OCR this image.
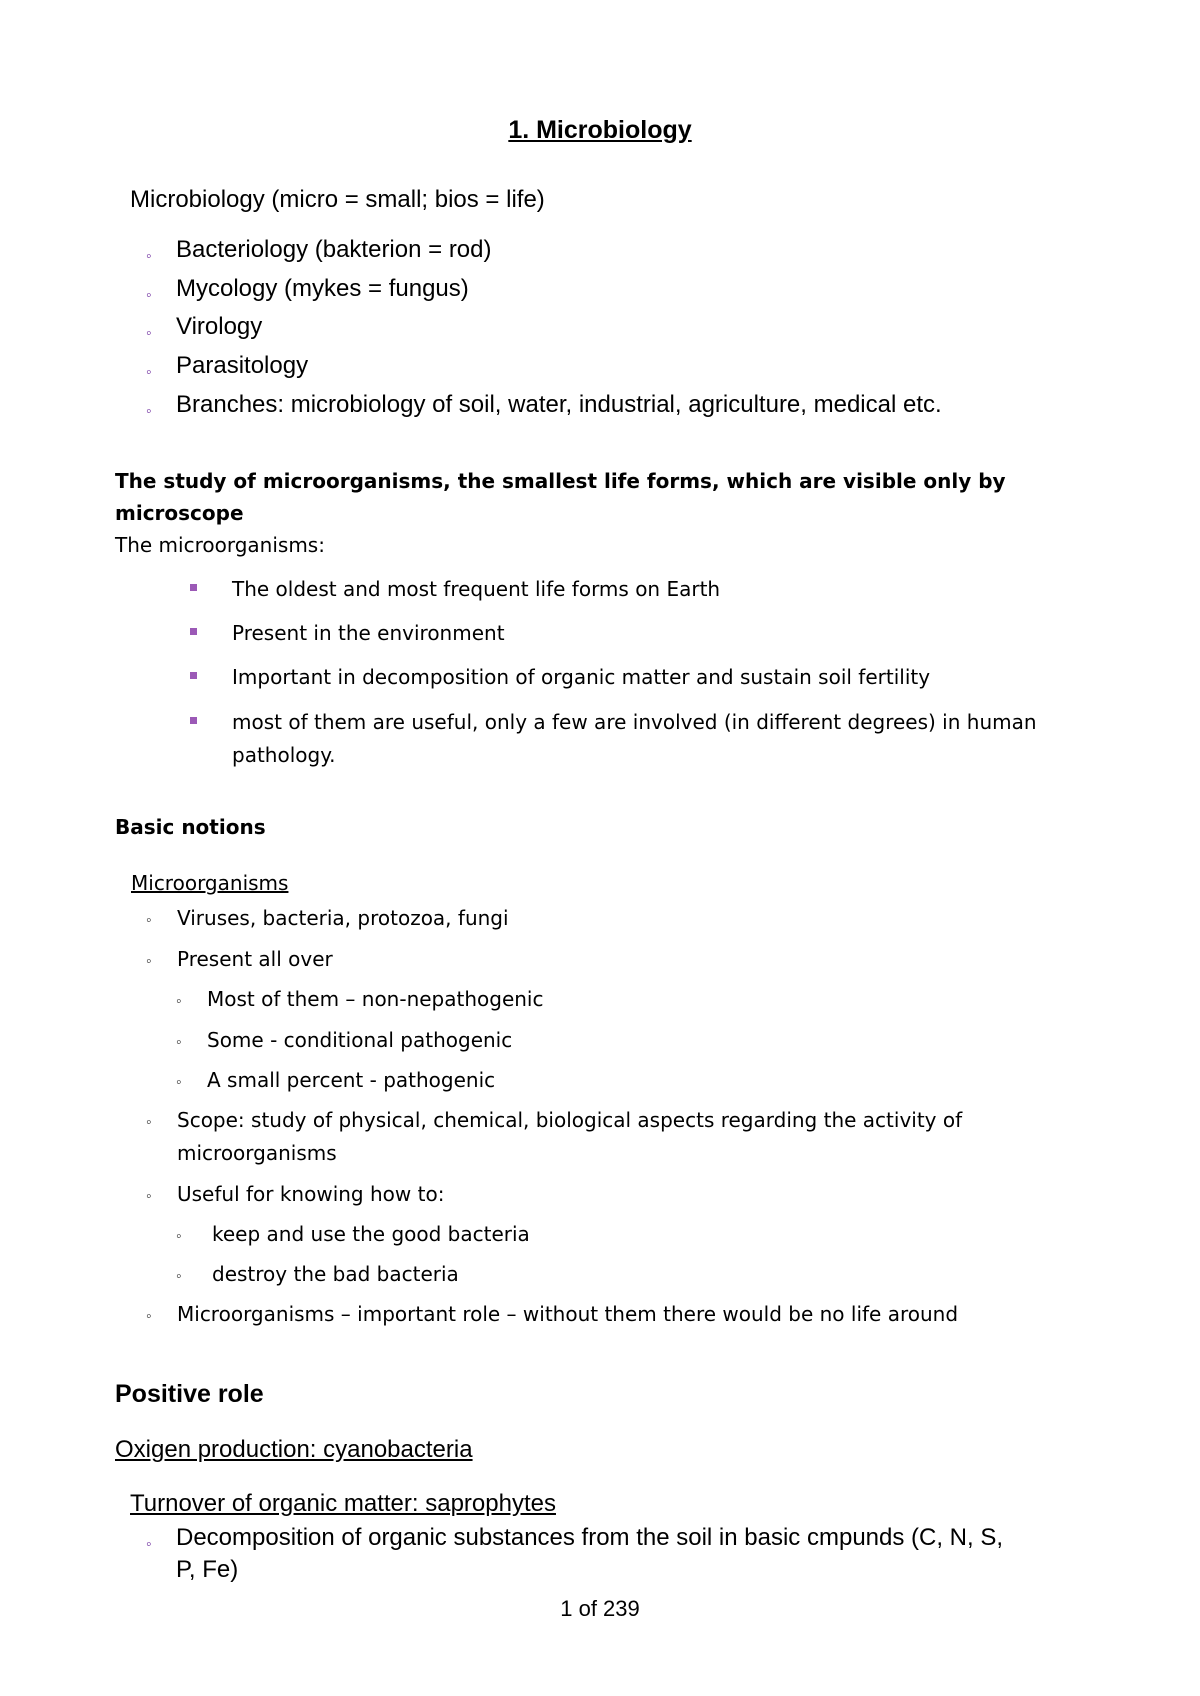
1. Microbiology
Microbiology (micro = small; bios = life)
◦ Bacteriology (bakterion = rod)
◦ Mycology (mykes = fungus)
◦ Virology
◦ Parasitology
◦ Branches: microbiology of soil, water, industrial, agriculture, medical etc.
The study of microorganisms, the smallest life forms, which are visible only by
microscope
The microorganisms:
The oldest and most frequent life forms on Earth
Present in the environment
Important in decomposition of organic matter and sustain soil fertility
most of them are useful, only a few are involved (in different degrees) in human
pathology.
Basic notions
Microorganisms
◦ Viruses, bacteria, protozoa, fungi
◦ Present all over
◦ Most of them – non-nepathogenic
◦ Some - conditional pathogenic
◦ A small percent - pathogenic
◦ Scope: study of physical, chemical, biological aspects regarding the activity of
microorganisms
◦ Useful for knowing how to:
◦ keep and use the good bacteria
◦ destroy the bad bacteria
◦ Microorganisms – important role – without them there would be no life around
Positive role
Oxigen production: cyanobacteria
Turnover of organic matter: saprophytes
◦ Decomposition of organic substances from the soil in basic cmpunds (C, N, S,
P, Fe)
1 of 239
